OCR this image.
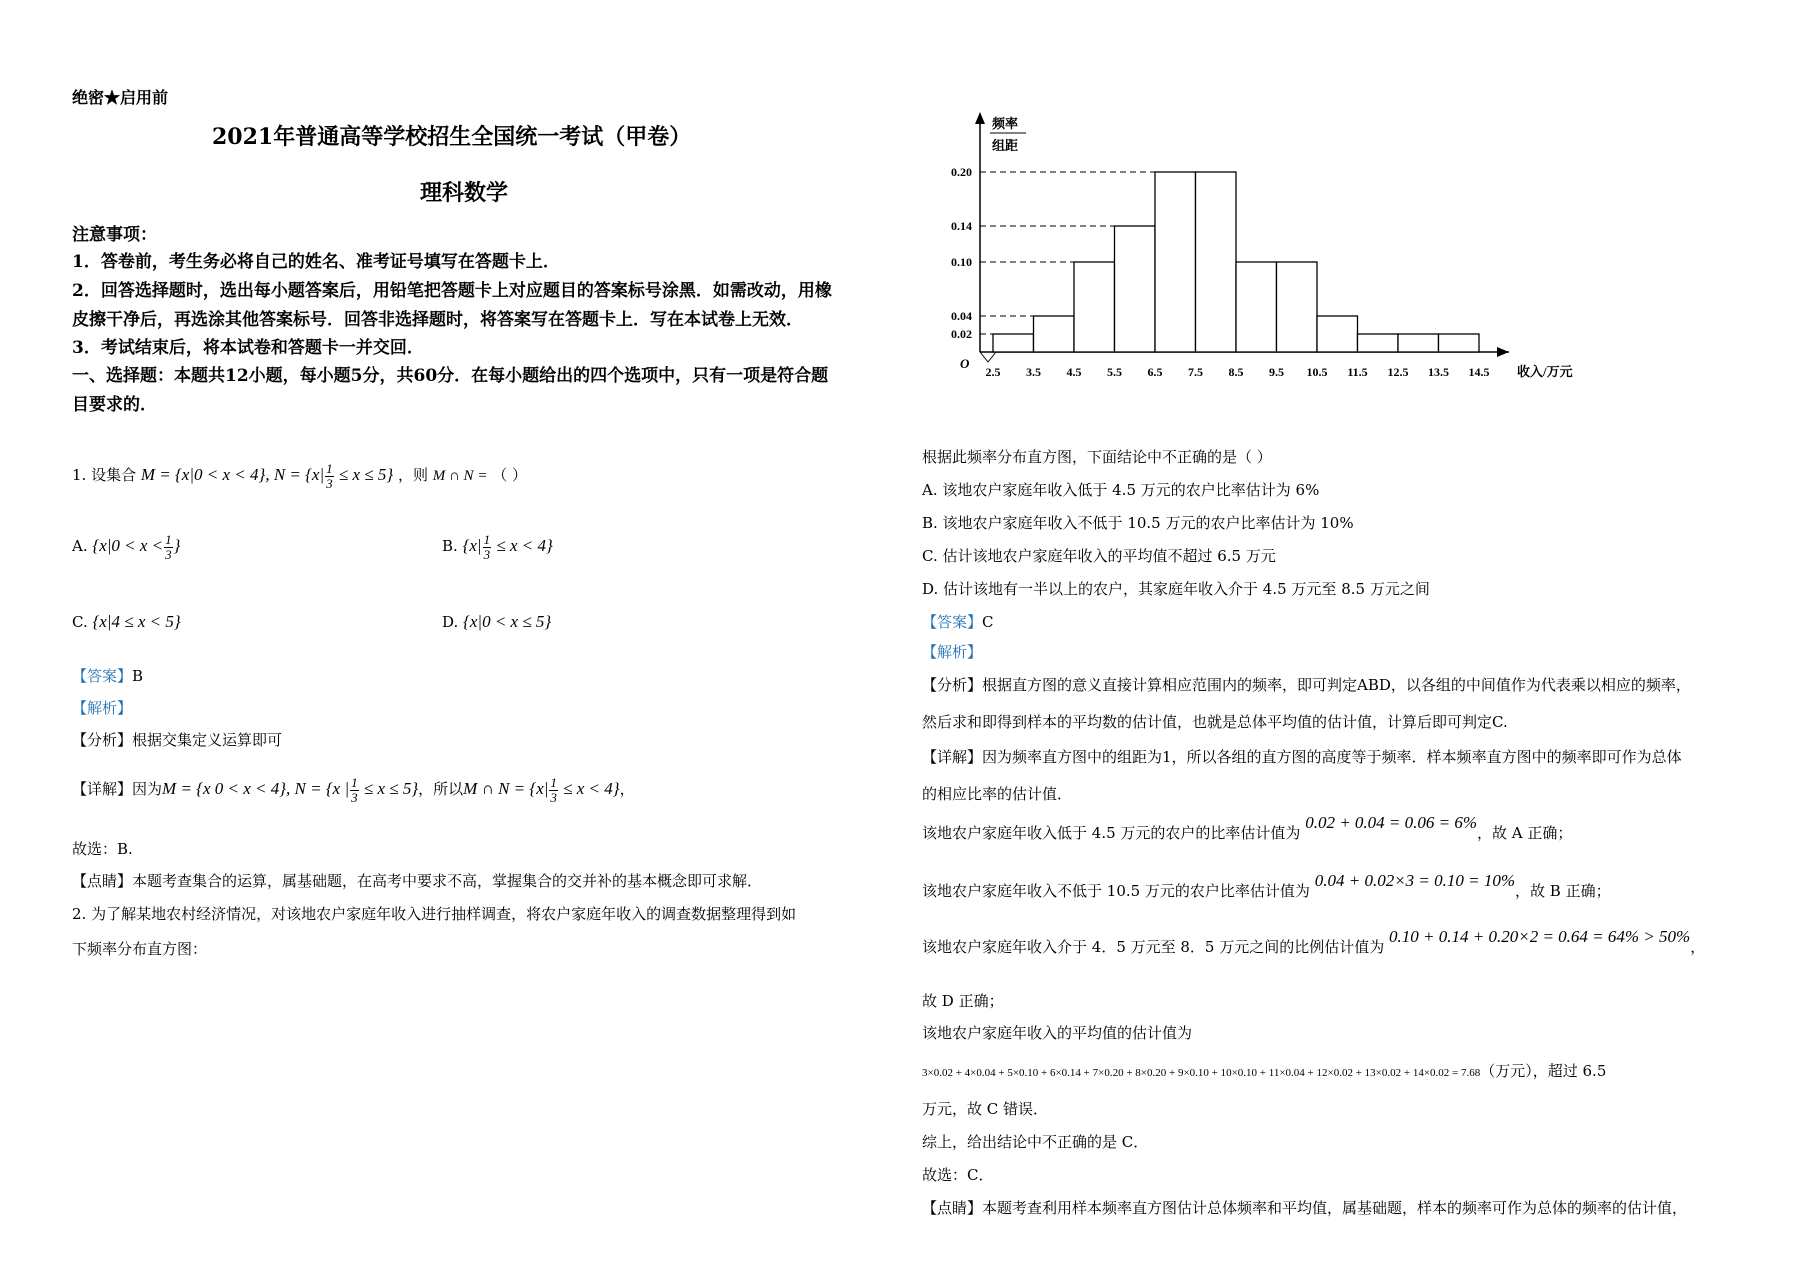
绝密★启用前
2021年普通高等学校招生全国统一考试（甲卷）
理科数学
注意事项：
1．答卷前，考生务必将自己的姓名、准考证号填写在答题卡上．
2．回答选择题时，选出每小题答案后，用铅笔把答题卡上对应题目的答案标号涂黑．如需改动，用橡
皮擦干净后，再选涂其他答案标号．回答非选择题时，将答案写在答题卡上．写在本试卷上无效．
3．考试结束后，将本试卷和答题卡一并交回．
一、选择题：本题共12小题，每小题5分，共60分．在每小题给出的四个选项中，只有一项是符合题
目要求的．
1. 设集合 M = {x|0 < x < 4}, $N = \{x| \frac{1}{3} \le x \le 5\}$ ，则 M ∩ N = （ ）
A. {$x|0 < x < \frac{1}{3}$ }	B. $\{x| \frac{1}{3} \le x < 4\}$
C. {x|4 ≤ x < 5}	D. {x|0 < x ≤ 5}
【答案】B
【解析】
【分析】根据交集定义运算即可
【详解】因为M = {x 0 < x < 4}, N = {x | $\frac{1}{3} \le x \le 5$}，所以M ∩ $N = \{x| \frac{1}{3} \le x < 4\}$，
故选：B.
【点睛】本题考查集合的运算，属基础题，在高考中要求不高，掌握集合的交并补的基本概念即可求解．
2. 为了解某地农村经济情况，对该地农户家庭年收入进行抽样调查，将农户家庭年收入的调查数据整理得到如
下频率分布直方图：
频率
组距
O
0.02
0.04
0.10
0.14
0.20
2.5 3.5 4.5 5.5 6.5 7.5 8.5 9.5 10.5 11.5 12.5 13.5 14.5 收入/万元
根据此频率分布直方图，下面结论中不正确的是（ ）
A. 该地农户家庭年收入低于 4.5 万元的农户比率估计为 6%
B. 该地农户家庭年收入不低于 10.5 万元的农户比率估计为 10%
C. 估计该地农户家庭年收入的平均值不超过 6.5 万元
D. 估计该地有一半以上的农户，其家庭年收入介于 4.5 万元至 8.5 万元之间
【答案】C
【解析】
【分析】根据直方图的意义直接计算相应范围内的频率，即可判定ABD，以各组的中间值作为代表乘以相应的频率，
然后求和即得到样本的平均数的估计值，也就是总体平均值的估计值，计算后即可判定C.
【详解】因为频率直方图中的组距为1，所以各组的直方图的高度等于频率．样本频率直方图中的频率即可作为总体
的相应比率的估计值．
该地农户家庭年收入低于 4.5 万元的农户的比率估计值为 0.02 + 0.04 = 0.06 = 6%，故 A 正确；
该地农户家庭年收入不低于 10.5 万元的农户比率估计值为 0.04 + 0.02×3 = 0.10 = 10%，故 B 正确；
该地农户家庭年收入介于 4．5 万元至 8．5 万元之间的比例估计值为 0.10 + 0.14 + 0.20×2 = 0.64 = 64% > 50%，
故 D 正确；
该地农户家庭年收入的平均值的估计值为
3×0.02 + 4×0.04 + 5×0.10 + 6×0.14 + 7×0.20 + 8×0.20 + 9×0.10 + 10×0.10 + 11×0.04 + 12×0.02 + 13×0.02 + 14×0.02 = 7.68（万元），超过 6.5
万元，故 C 错误．
综上，给出结论中不正确的是 C．
故选：C．
【点睛】本题考查利用样本频率直方图估计总体频率和平均值，属基础题，样本的频率可作为总体的频率的估计值，
